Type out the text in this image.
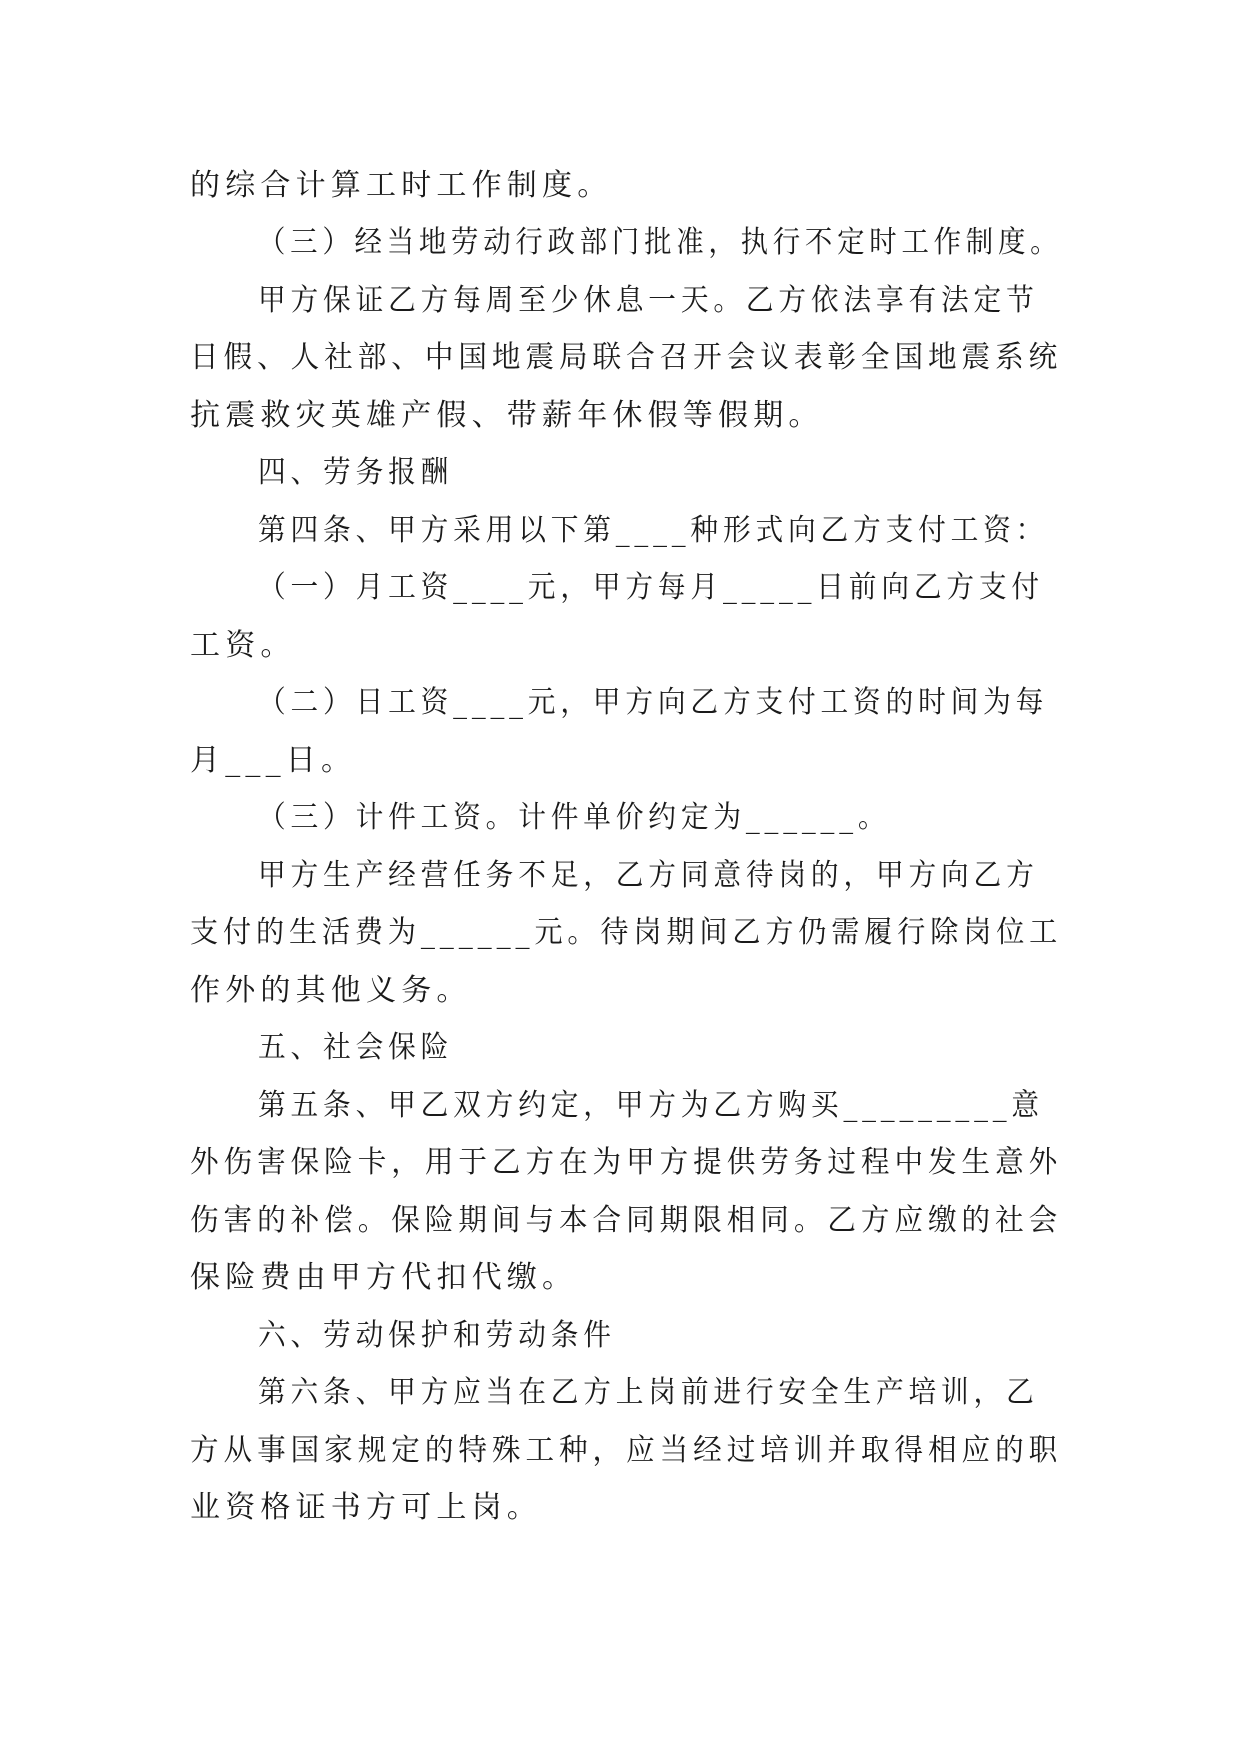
的综合计算工时工作制度。
（三）经当地劳动行政部门批准，执行不定时工作制度。
甲方保证乙方每周至少休息一天。乙方依法享有法定节
日假、人社部、中国地震局联合召开会议表彰全国地震系统
抗震救灾英雄产假、带薪年休假等假期。
四、劳务报酬
第四条、甲方采用以下第____种形式向乙方支付工资：
（一）月工资____元，甲方每月_____日前向乙方支付
工资。
（二）日工资____元，甲方向乙方支付工资的时间为每
月___日。
（三）计件工资。计件单价约定为______。
甲方生产经营任务不足，乙方同意待岗的，甲方向乙方
支付的生活费为______元。待岗期间乙方仍需履行除岗位工
作外的其他义务。
五、社会保险
第五条、甲乙双方约定，甲方为乙方购买_________意
外伤害保险卡，用于乙方在为甲方提供劳务过程中发生意外
伤害的补偿。保险期间与本合同期限相同。乙方应缴的社会
保险费由甲方代扣代缴。
六、劳动保护和劳动条件
第六条、甲方应当在乙方上岗前进行安全生产培训，乙
方从事国家规定的特殊工种，应当经过培训并取得相应的职
业资格证书方可上岗。
